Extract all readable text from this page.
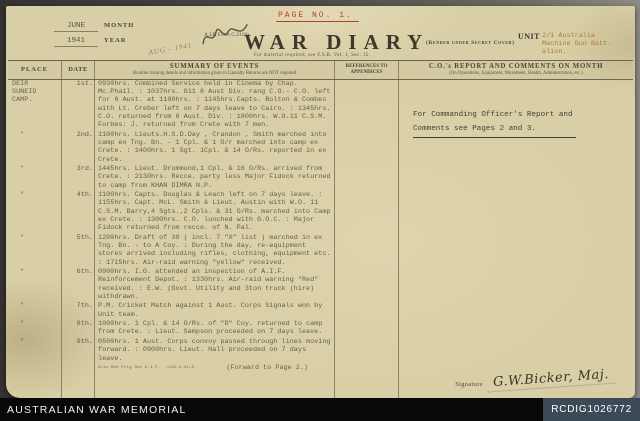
PAGE NO. 1.
JUNE	MONTH
1941	YEAR
A.I.F. Form C.2118a
AUG - 1941 WAR DIARY
For material required, see F.S.R. Vol. 1, Sec. 15.
(Render under Secret Cover)
UNIT 2/1 Australia
Machine Gun Batt-
alion.
PLACE	DATE	SUMMARY OF EVENTS
Routine training details and information given in Casualty Returns are NOT required
REFERENCES TO APPENDICES
C.O.'s REPORT AND COMMENTS ON MONTH
(On Operations, Equipment, Movement, Health, Administration, etc.)
DEIR
SUNEID
CAMP.
1st. 0930hrs. Combined Service held in Cinema by Chap. Mc.Phail. : 1037hrs. G11 6 Aust Div. rang C.O.- C.O. left for 6 Aust. at 1100hrs. : 1145hrs.Capts. Bolton & Combes with Lt. Creber left on 7 days leave to Cairo. : 1345hrs. C.O. returned from 6 Aust. Div. : 1800hrs. W.O.11 C.S.M. Forbes: J. returned from Crete with 7 men.
"	2nd. 1100hrs. Lieuts.H.S.D.Day , Crandon , Smith marched into camp ex Tng. Bn. - 1 Cpl. & 1 O/r marched into camp ex Crete. : 1400hrs. 1 Sgt. 1Cpl. & 14 O/Rs. reported in ex Crete.
"	3rd. 1445hrs. Lieut. Drummond,1 Cpl. & 16 O/Rs. arrived from Crete. : 2130hrs. Recce. party less Major Fidock returned to camp from KHAN DIMRA N.P.
"	4th. 1100hrs. Capts. Douglas & Leach left on 7 days leave. : 1155hrs. Capt. McL. Smith & Lieut. Austin with W.O. 11 C.S.M. Barry,4 Sgts.,2 Cpls. & 31 O/Rs. marched into Camp ex Crete. : 1300hrs. C.O. lunched with G.O.C. : Major Fidock returned from recce. of N. Pal.
"	5th. 1200hrs. Draft of 30 ( incl. 7 "X" list ) marched in ex Tng. Bn. - to A Coy. : During the day, re-equipment stores arrived including rifles, clothing, equipment etc. : 1715hrs. Air-raid warning "yellow" received.
"	6th. 0900hrs. I.O. attended an inspection of A.I.F. Reinforcement Depot. : 1330hrs. Air-raid warning "Red" received. : E.W. (Govt. Utility and 3ton truck (hire) withdrawn.
"	7th. P.M. Cricket Match against 1 Aust. Corps Signals won by Unit team.
"	8th. 1000hrs. 1 Cpl. & 14 O/Rs. of "D" Coy. returned to camp from Crete. : Lieut. Sampson proceeded on 7 days leave.
"	9th. 0500hrs. 1 Aust. Corps convoy passed through lines moving forward. : 0900hrs. Lieut. Hall proceeded on 7 days leave.
Alts Mob Prtg Sec A.I.F.  /229-4-41—S.	(Forward to Page 2.)
For Commanding Officer's Report and
Comments see Pages 2 and 3.
Signature G.W.Bicker, Maj.
AUSTRALIAN WAR MEMORIAL	RCDIG1026772
